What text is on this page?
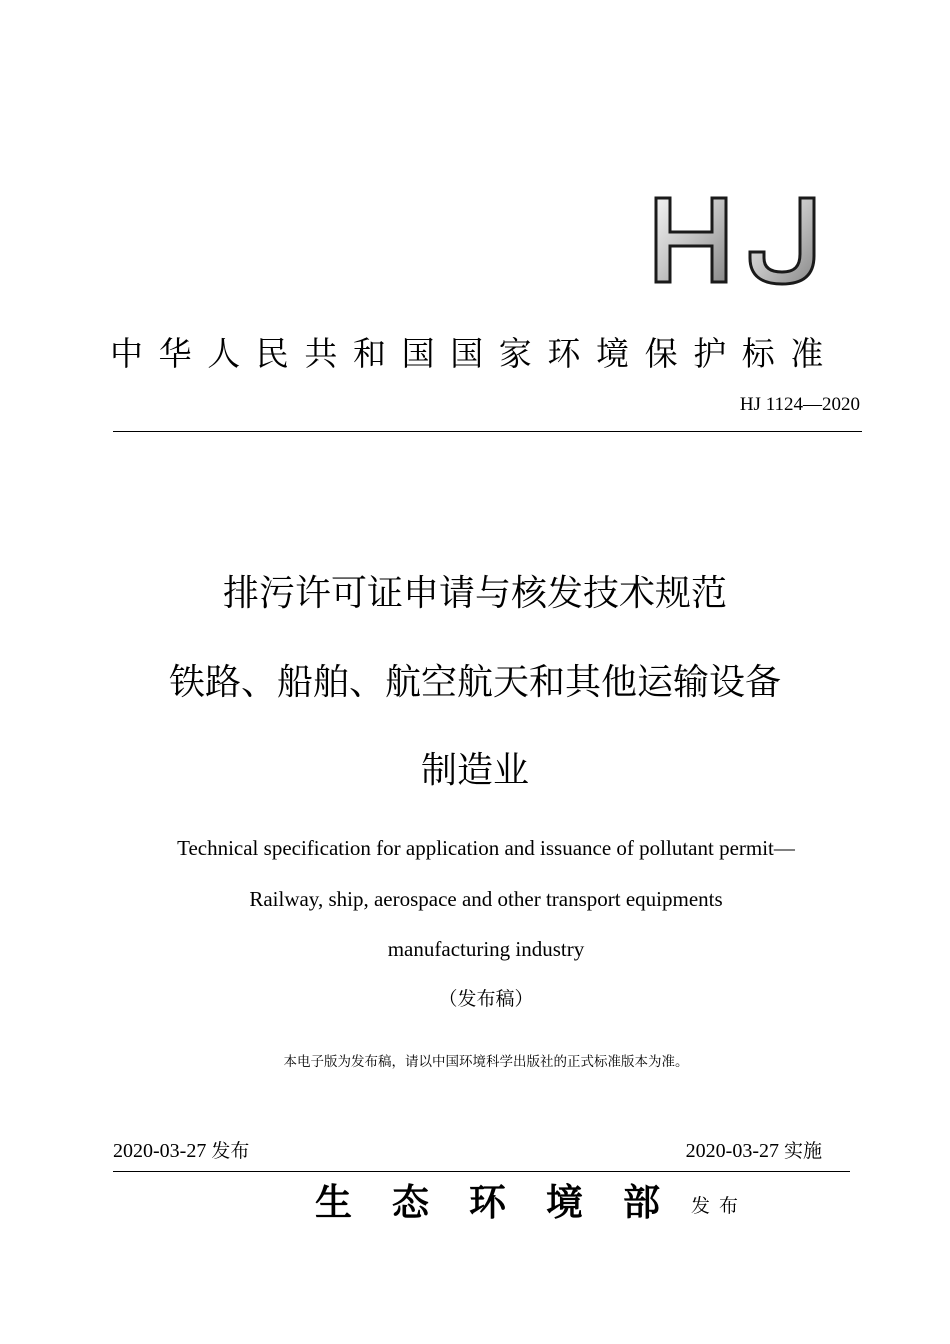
中华人民共和国国家环境保护标准
HJ 1124—2020
排污许可证申请与核发技术规范
铁路、船舶、航空航天和其他运输设备
制造业
Technical specification for application and issuance of pollutant permit—
Railway, ship, aerospace and other transport equipments
manufacturing industry
（发布稿）
本电子版为发布稿，请以中国环境科学出版社的正式标准版本为准。
2020-03-27 发布	2020-03-27 实施
生态环境部
发布
